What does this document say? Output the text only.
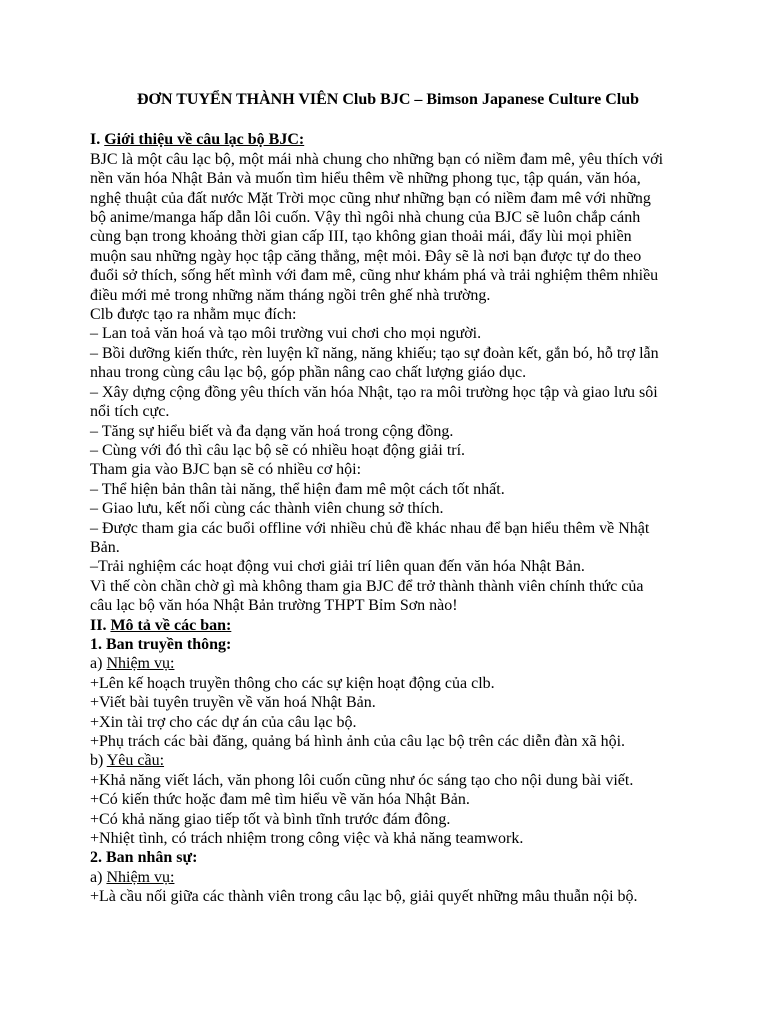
ĐƠN TUYỂN THÀNH VIÊN Club BJC – Bimson Japanese Culture Club
I. Giới thiệu về câu lạc bộ BJC:
BJC là một câu lạc bộ, một mái nhà chung cho những bạn có niềm đam mê, yêu thích với
nền văn hóa Nhật Bản và muốn tìm hiểu thêm về những phong tục, tập quán, văn hóa,
nghệ thuật của đất nước Mặt Trời mọc cũng như những bạn có niềm đam mê với những
bộ anime/manga hấp dẫn lôi cuốn. Vậy thì ngôi nhà chung của BJC sẽ luôn chắp cánh
cùng bạn trong khoảng thời gian cấp III, tạo không gian thoải mái, đẩy lùi mọi phiền
muộn sau những ngày học tập căng thẳng, mệt mỏi. Đây sẽ là nơi bạn được tự do theo
đuổi sở thích, sống hết mình với đam mê, cũng như khám phá và trải nghiệm thêm nhiều
điều mới mẻ trong những năm tháng ngồi trên ghế nhà trường.
Clb được tạo ra nhằm mục đích:
– Lan toả văn hoá và tạo môi trường vui chơi cho mọi người.
– Bồi dưỡng kiến thức, rèn luyện kĩ năng, năng khiếu; tạo sự đoàn kết, gắn bó, hỗ trợ lẫn
nhau trong cùng câu lạc bộ, góp phần nâng cao chất lượng giáo dục.
– Xây dựng cộng đồng yêu thích văn hóa Nhật, tạo ra môi trường học tập và giao lưu sôi
nổi tích cực.
– Tăng sự hiểu biết và đa dạng văn hoá trong cộng đồng.
– Cùng với đó thì câu lạc bộ sẽ có nhiều hoạt động giải trí.
Tham gia vào BJC bạn sẽ có nhiều cơ hội:
– Thể hiện bản thân tài năng, thể hiện đam mê một cách tốt nhất.
– Giao lưu, kết nối cùng các thành viên chung sở thích.
– Được tham gia các buổi offline với nhiều chủ đề khác nhau để bạn hiểu thêm về Nhật
Bản.
–Trải nghiệm các hoạt động vui chơi giải trí liên quan đến văn hóa Nhật Bản.
Vì thế còn chần chờ gì mà không tham gia BJC để trở thành thành viên chính thức của
câu lạc bộ văn hóa Nhật Bản trường THPT Bỉm Sơn nào!
II. Mô tả về các ban:
1. Ban truyền thông:
a) Nhiệm vụ:
+Lên kế hoạch truyền thông cho các sự kiện hoạt động của clb.
+Viết bài tuyên truyền về văn hoá Nhật Bản.
+Xin tài trợ cho các dự án của câu lạc bộ.
+Phụ trách các bài đăng, quảng bá hình ảnh của câu lạc bộ trên các diễn đàn xã hội.
b) Yêu cầu:
+Khả năng viết lách, văn phong lôi cuốn cũng như óc sáng tạo cho nội dung bài viết.
+Có kiến thức hoặc đam mê tìm hiểu về văn hóa Nhật Bản.
+Có khả năng giao tiếp tốt và bình tĩnh trước đám đông.
+Nhiệt tình, có trách nhiệm trong công việc và khả năng teamwork.
2. Ban nhân sự:
a) Nhiệm vụ:
+Là cầu nối giữa các thành viên trong câu lạc bộ, giải quyết những mâu thuẫn nội bộ.
